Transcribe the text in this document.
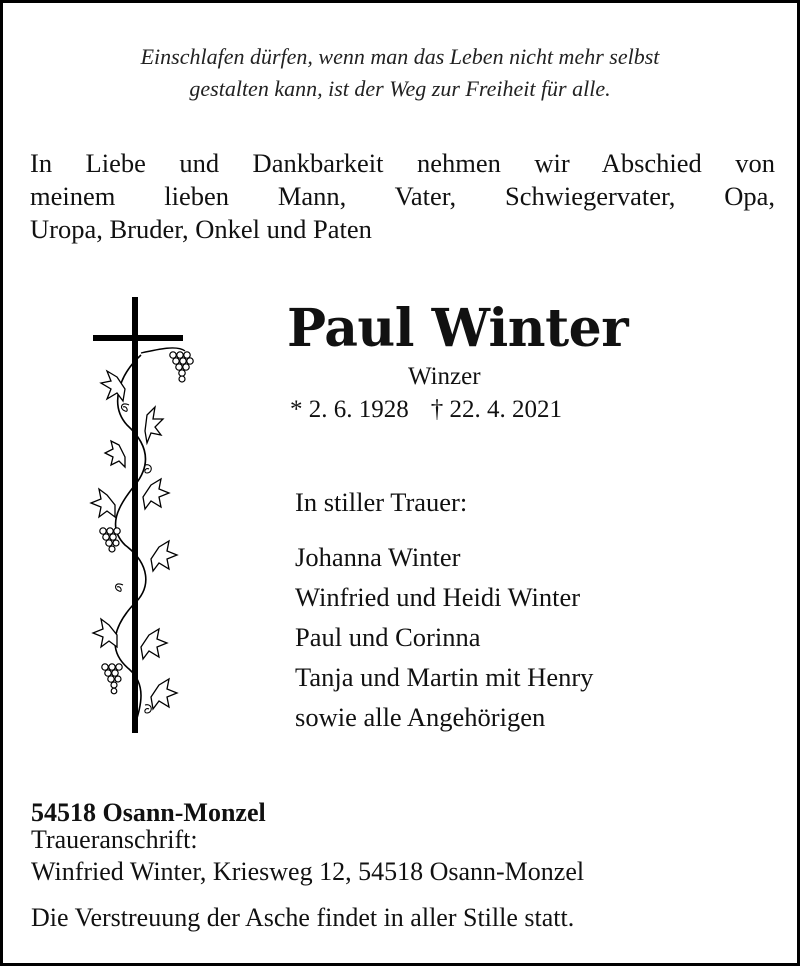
Einschlafen dürfen, wenn man das Leben nicht mehr selbst
gestalten kann, ist der Weg zur Freiheit für alle.
In Liebe und Dankbarkeit nehmen wir Abschied von
meinem lieben Mann, Vater, Schwiegervater, Opa,
Uropa, Bruder, Onkel und Paten
Paul Winter
Winzer
* 2. 6. 1928 † 22. 4. 2021
In stiller Trauer:
Johanna Winter
Winfried und Heidi Winter
Paul und Corinna
Tanja und Martin mit Henry
sowie alle Angehörigen
54518 Osann-Monzel
Traueranschrift:
Winfried Winter, Kriesweg 12, 54518 Osann-Monzel
Die Verstreuung der Asche findet in aller Stille statt.
